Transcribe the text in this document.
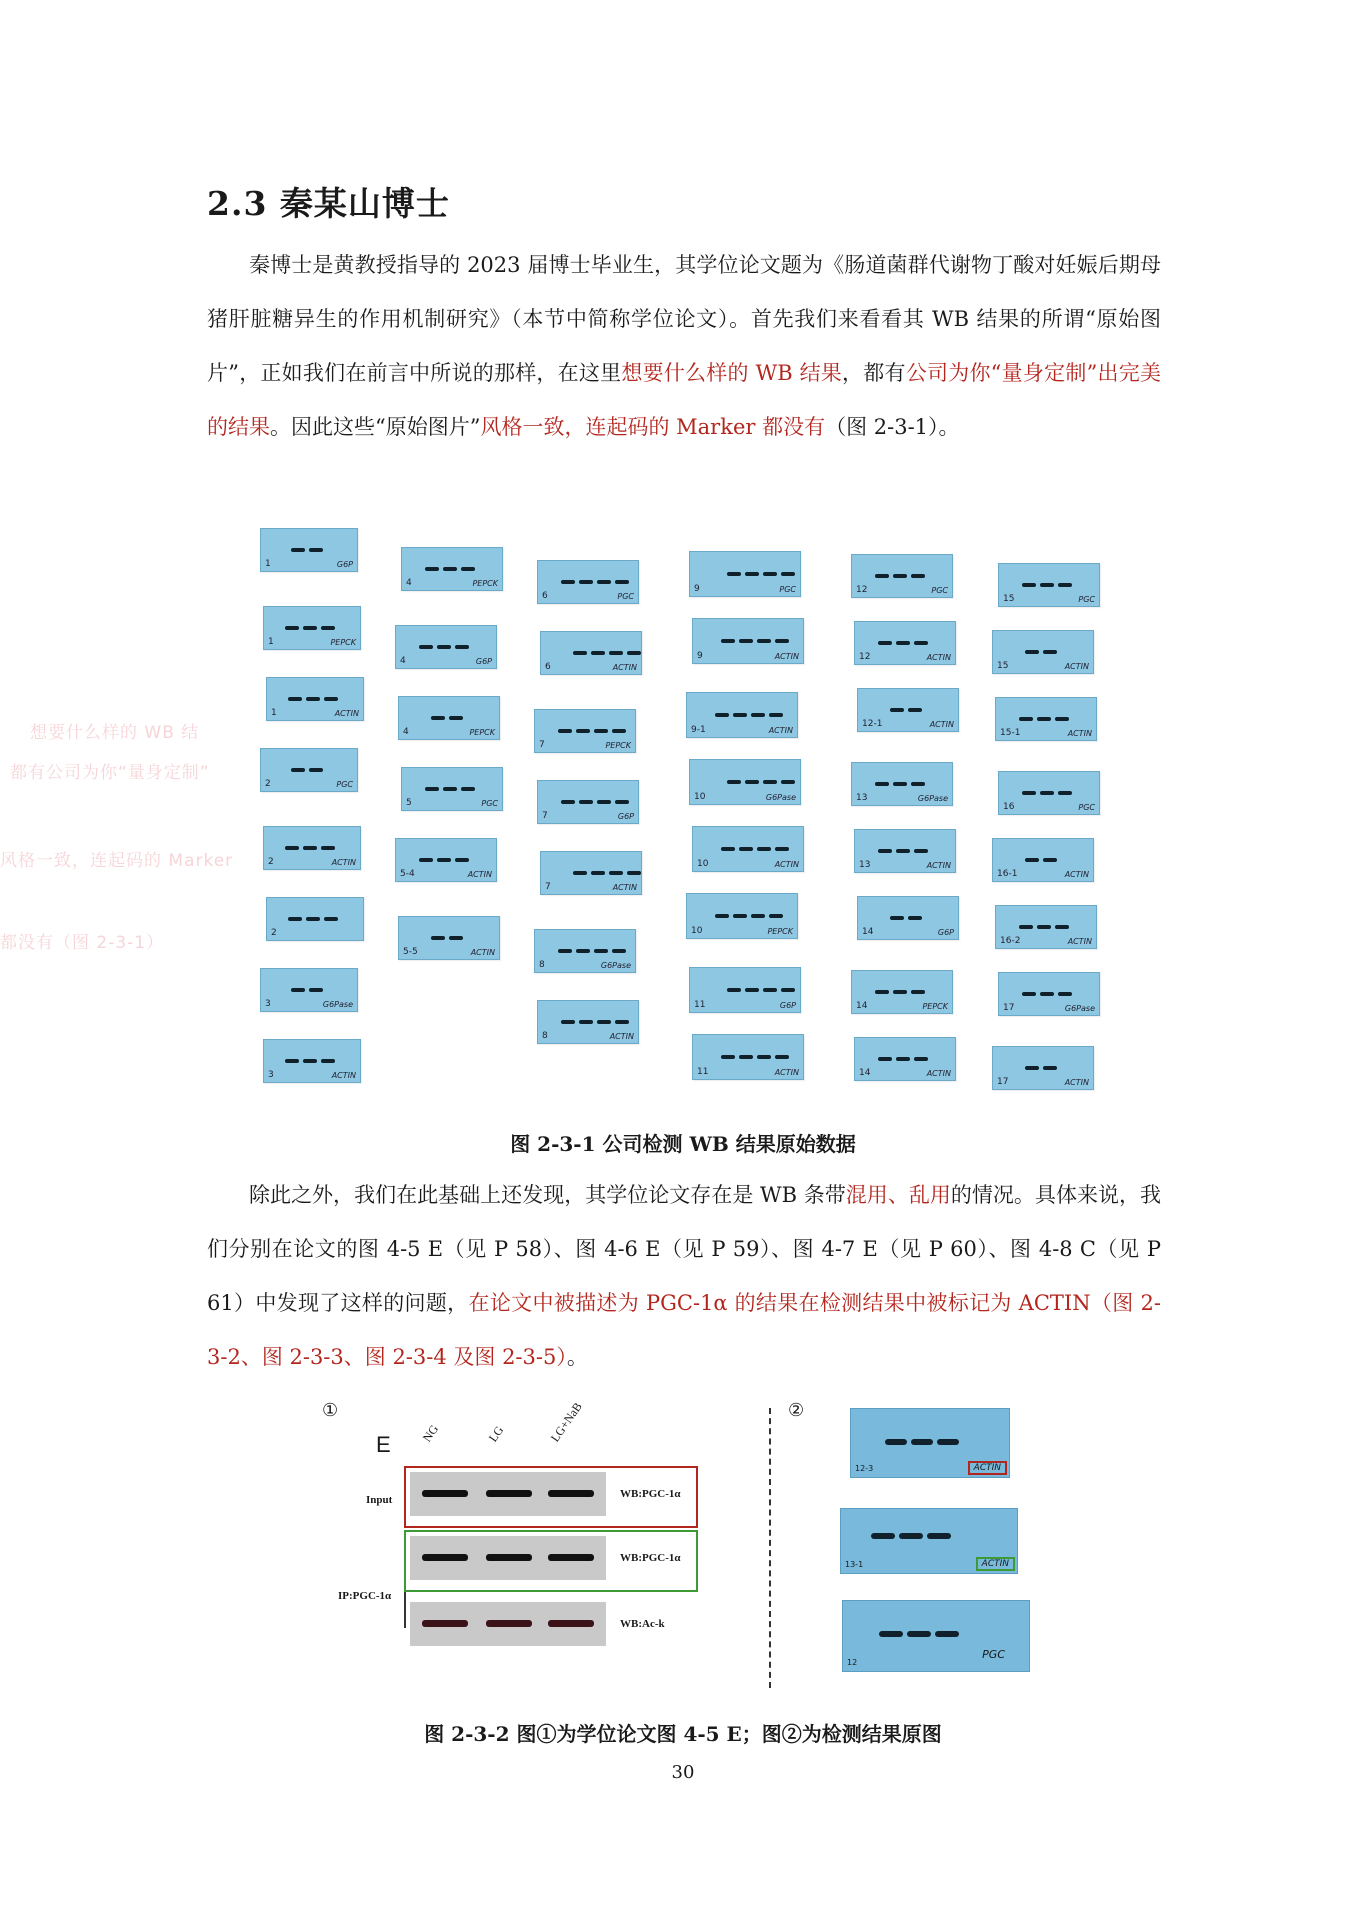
2.3 秦某山博士

秦博士是黄教授指导的 2023 届博士毕业生，其学位论文题为《肠道菌群代谢物丁酸对妊娠后期母猪肝脏糖异生的作用机制研究》（本节中简称学位论文）。首先我们来看看其 WB 结果的所谓“原始图片”，正如我们在前言中所说的那样，在这里想要什么样的 WB 结果，都有公司为你“量身定制”出完美的结果。因此这些“原始图片”风格一致，连起码的 Marker 都没有（图 2-3-1）。

想要什么样的 WB 结
都有公司为你“量身定制”
风格一致，连起码的 Marker
都没有（图 2-3-1）
1	G6P
1	PEPCK
1	ACTIN
2	PGC
2	ACTIN
2
3	G6Pase
3	ACTIN
4	PEPCK
4	G6P
4	PEPCK
5	PGC
5-4	ACTIN
5-5	ACTIN
6	PGC
6	ACTIN
7	PEPCK
7	G6P
7	ACTIN
8	G6Pase
8	ACTIN
9	PGC
9	ACTIN
9-1	ACTIN
10	G6Pase
10	ACTIN
10	PEPCK
11	G6P
11	ACTIN
12	PGC
12	ACTIN
12-1	ACTIN
13	G6Pase
13	ACTIN
14	G6P
14	PEPCK
14	ACTIN
15	PGC
15	ACTIN
15-1	ACTIN
16	PGC
16-1	ACTIN
16-2	ACTIN
17	G6Pase
17	ACTIN
图 2-3-1 公司检测 WB 结果原始数据

除此之外，我们在此基础上还发现，其学位论文存在是 WB 条带混用、乱用的情况。具体来说，我们分别在论文的图 4-5 E（见 P 58）、图 4-6 E（见 P 59）、图 4-7 E（见 P 60）、图 4-8 C（见 P 61）中发现了这样的问题，在论文中被描述为 PGC-1α 的结果在检测结果中被标记为 ACTIN（图 2-3-2、图 2-3-3、图 2-3-4 及图 2-3-5）。

①	②
E NG	LG	LG+NaB
Input
IP:PGC-1α
WB:PGC-1α
WB:PGC-1α
WB:Ac-k
12-3	ACTIN
13-1	ACTIN
12
PGC
图 2-3-2 图①为学位论文图 4-5 E；图②为检测结果原图
30
